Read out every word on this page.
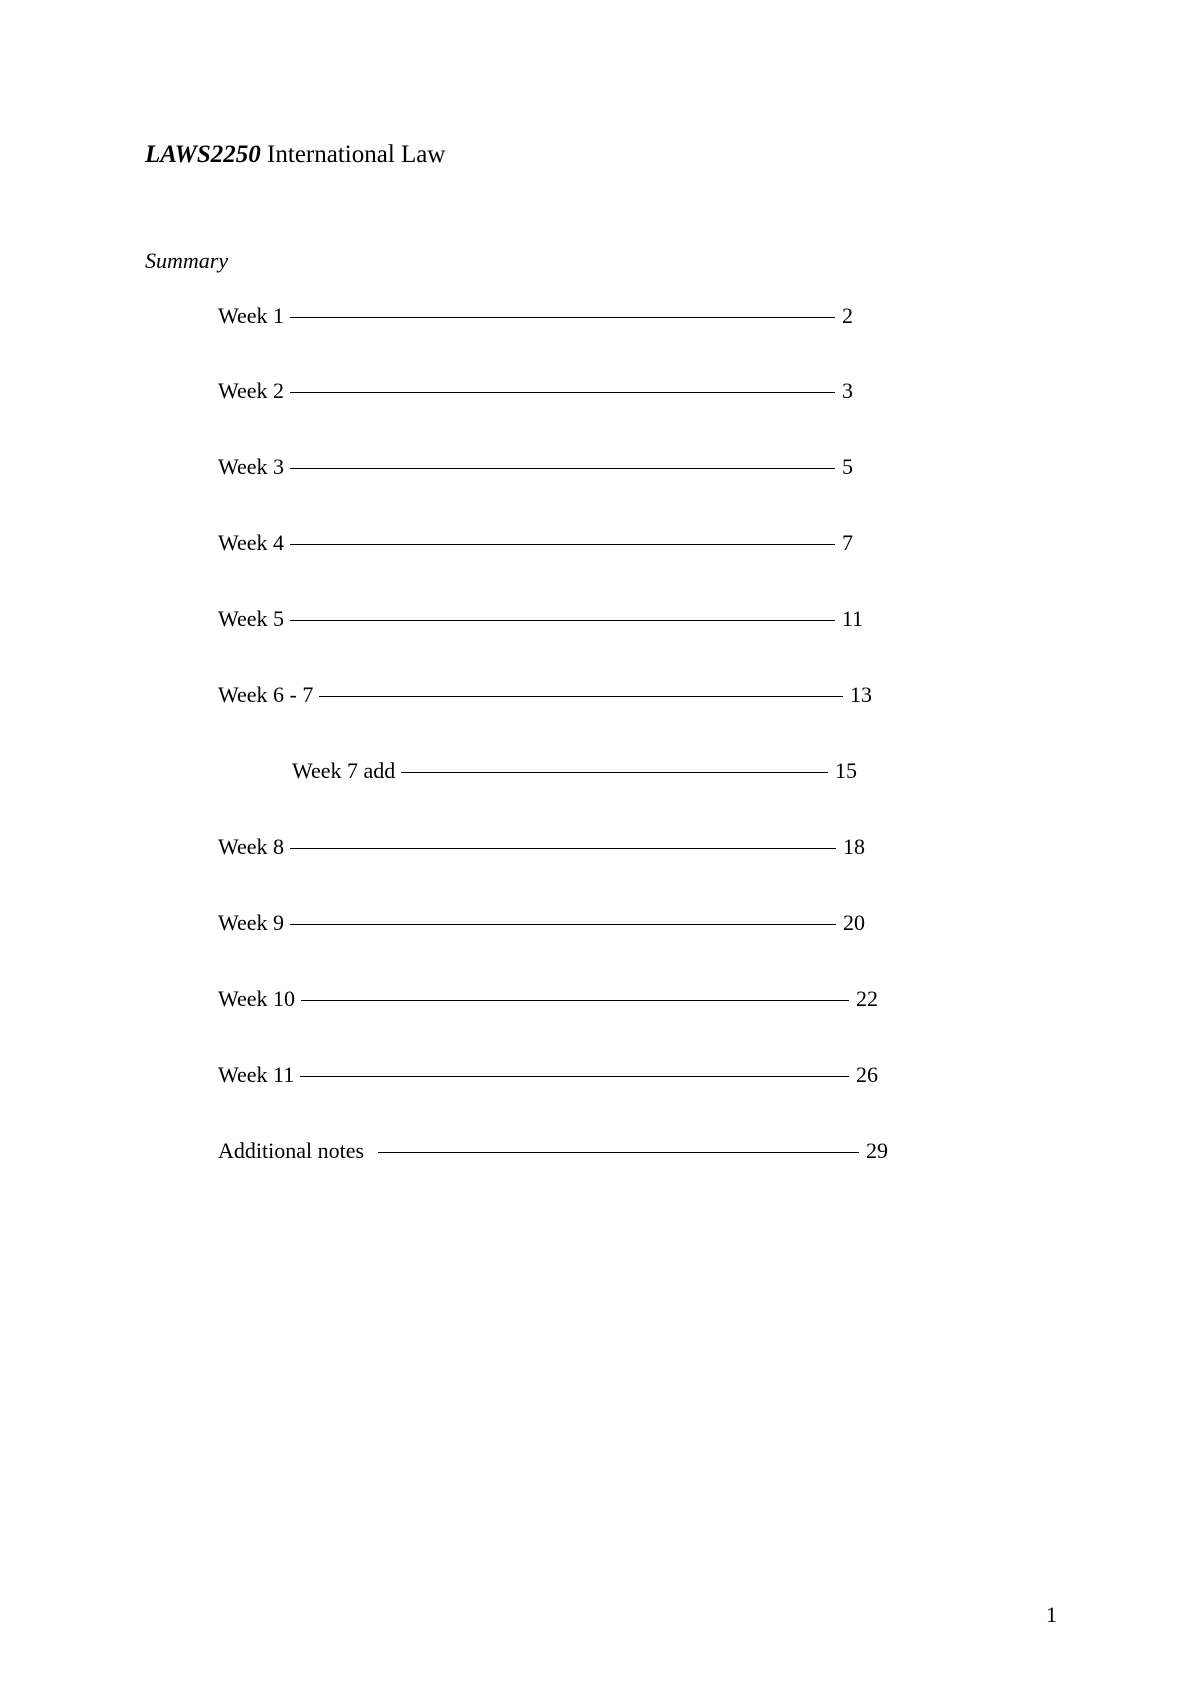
LAWS2250 International Law
Summary
Week 1	2
Week 2	3
Week 3	5
Week 4	7
Week 5	11
Week 6 - 7	13
Week 7 add	15
Week 8	18
Week 9	20
Week 10	22
Week 11	26
Additional notes	29
1
